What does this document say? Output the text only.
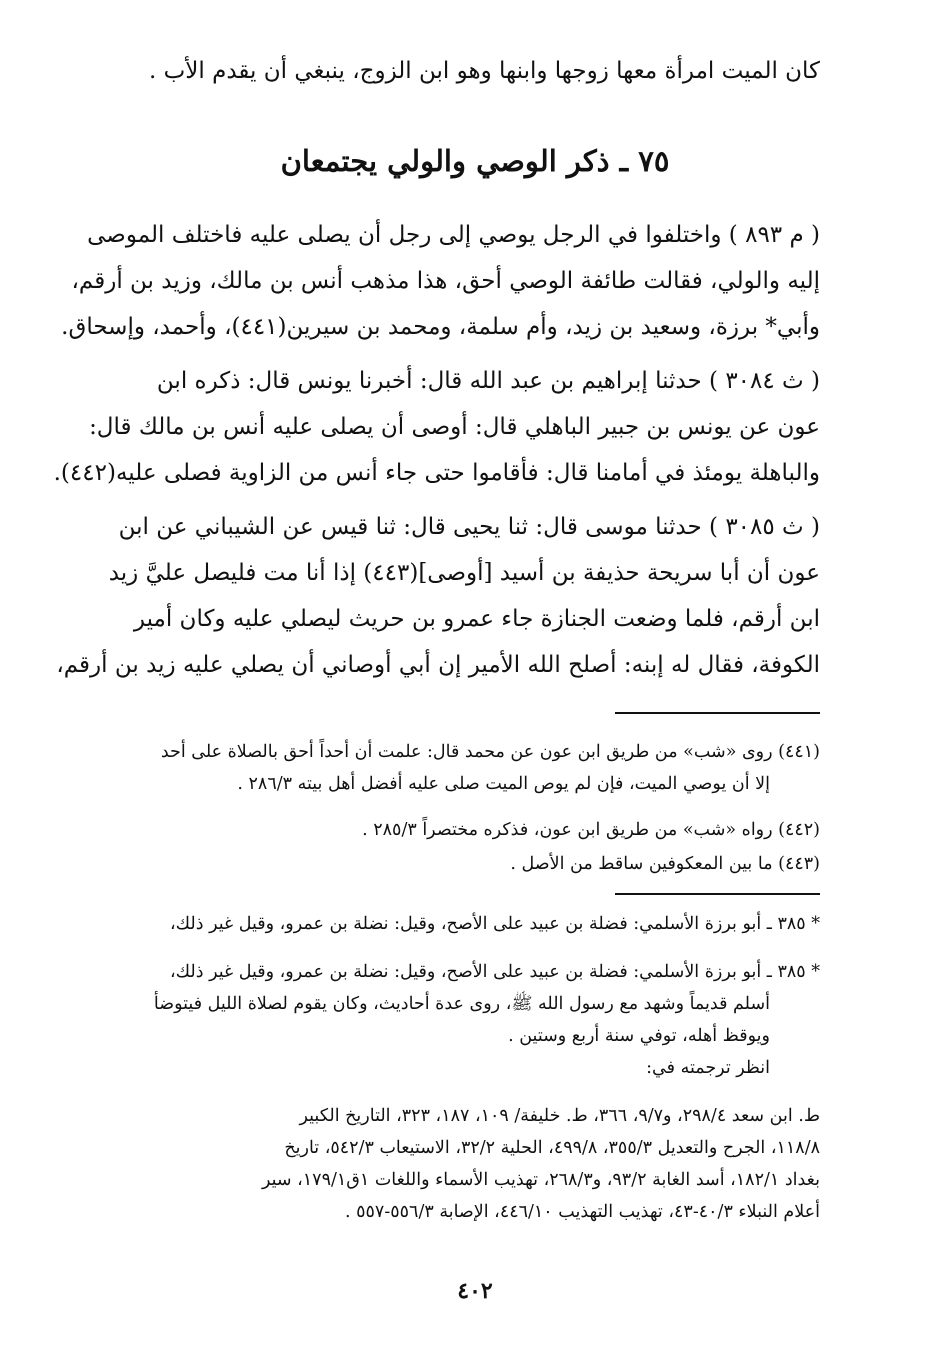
كان الميت امرأة معها زوجها وابنها وهو ابن الزوج، ينبغي أن يقدم الأب .
٧٥ ـ ذكر الوصي والولي يجتمعان
( م ٨٩٣ ) واختلفوا في الرجل يوصي إلى رجل أن يصلى عليه فاختلف الموصى
إليه والولي، فقالت طائفة الوصي أحق، هذا مذهب أنس بن مالك، وزيد بن أرقم،
وأبي* برزة، وسعيد بن زيد، وأم سلمة، ومحمد بن سيرين(٤٤١)، وأحمد، وإسحاق.
( ث ٣٠٨٤ ) حدثنا إبراهيم بن عبد الله قال: أخبرنا يونس قال: ذكره ابن
عون عن يونس بن جبير الباهلي قال: أوصى أن يصلى عليه أنس بن مالك قال:
والباهلة يومئذ في أمامنا قال: فأقاموا حتى جاء أنس من الزاوية فصلى عليه(٤٤٢).
( ث ٣٠٨٥ ) حدثنا موسى قال: ثنا يحيى قال: ثنا قيس عن الشيباني عن ابن
عون أن أبا سريحة حذيفة بن أسيد [أوصى](٤٤٣) إذا أنا مت فليصل عليَّ زيد
ابن أرقم، فلما وضعت الجنازة جاء عمرو بن حريث ليصلي عليه وكان أمير
الكوفة، فقال له إبنه: أصلح الله الأمير إن أبي أوصاني أن يصلي عليه زيد بن أرقم،
(٤٤١) روى «شب» من طريق ابن عون عن محمد قال: علمت أن أحداً أحق بالصلاة على أحد
إلا أن يوصي الميت، فإن لم يوص الميت صلى عليه أفضل أهل بيته ٢٨٦/٣ .
(٤٤٢) رواه «شب» من طريق ابن عون، فذكره مختصراً ٢٨٥/٣ .
(٤٤٣) ما بين المعكوفين ساقط من الأصل .
* ٣٨٥ ـ أبو برزة الأسلمي: فضلة بن عبيد على الأصح، وقيل: نضلة بن عمرو، وقيل غير ذلك،
* ٣٨٥ ـ أبو برزة الأسلمي: فضلة بن عبيد على الأصح، وقيل: نضلة بن عمرو، وقيل غير ذلك،
أسلم قديماً وشهد مع رسول الله ﷺ، روى عدة أحاديث، وكان يقوم لصلاة الليل فيتوضأ
ويوقظ أهله، توفي سنة أربع وستين .
انظر ترجمته في:
ط. ابن سعد ٢٩٨/٤، و٩/٧، ٣٦٦، ط. خليفة/ ١٠٩، ١٨٧، ٣٢٣، التاريخ الكبير
١١٨/٨، الجرح والتعديل ٣٥٥/٣، ٤٩٩/٨، الحلية ٣٢/٢، الاستيعاب ٥٤٢/٣، تاريخ
بغداد ١٨٢/١، أسد الغابة ٩٣/٢، و٢٦٨/٣، تهذيب الأسماء واللغات ١ق١٧٩/١، سير
أعلام النبلاء ٤٠/٣-٤٣، تهذيب التهذيب ٤٤٦/١٠، الإصابة ٥٥٦/٣-٥٥٧ .
٤٠٢
